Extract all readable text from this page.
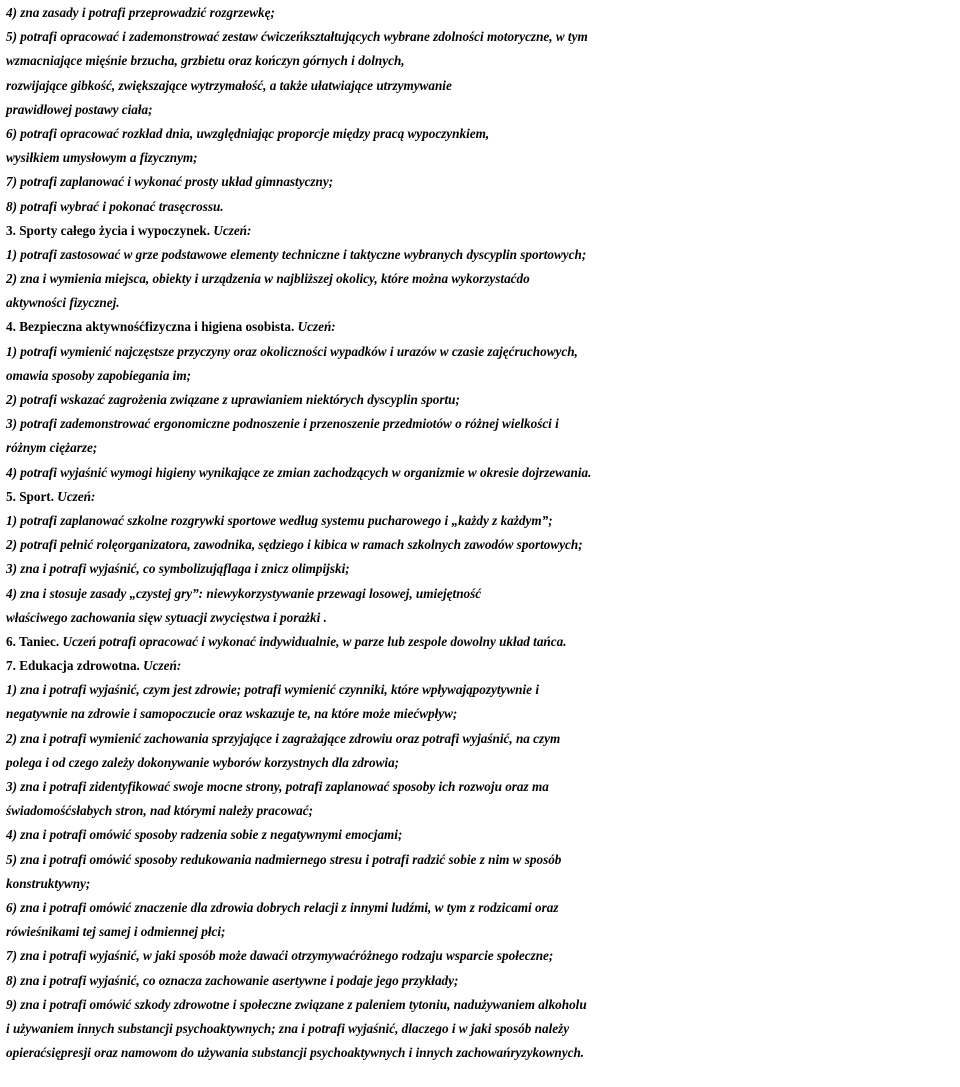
4) zna zasady i potrafi przeprowadzić rozgrzewkę;
5) potrafi opracować i zademonstrować zestaw ćwiczeńkształtujących wybrane zdolności motoryczne, w tym
wzmacniające mięśnie brzucha, grzbietu oraz kończyn górnych i dolnych,
rozwijające gibkość, zwiększające wytrzymałość, a także ułatwiające utrzymywanie
prawidłowej postawy ciała;
6) potrafi opracować rozkład dnia, uwzględniając proporcje między pracą wypoczynkiem,
wysiłkiem umysłowym a fizycznym;
7) potrafi zaplanować i wykonać prosty układ gimnastyczny;
8) potrafi wybrać i pokonać trasęcrossu.
3. Sporty całego życia i wypoczynek. Uczeń:
1) potrafi zastosować w grze podstawowe elementy techniczne i taktyczne wybranych dyscyplin sportowych;
2) zna i wymienia miejsca, obiekty i urządzenia w najbliższej okolicy, które można wykorzystaćdo
aktywności fizycznej.
4. Bezpieczna aktywnośćfizyczna i higiena osobista. Uczeń:
1) potrafi wymienić najczęstsze przyczyny oraz okoliczności wypadków i urazów w czasie zajęćruchowych,
omawia sposoby zapobiegania im;
2) potrafi wskazać zagrożenia związane z uprawianiem niektórych dyscyplin sportu;
3) potrafi zademonstrować ergonomiczne podnoszenie i przenoszenie przedmiotów o różnej wielkości i
różnym ciężarze;
4) potrafi wyjaśnić wymogi higieny wynikające ze zmian zachodzących w organizmie w okresie dojrzewania.
5. Sport. Uczeń:
1) potrafi zaplanować szkolne rozgrywki sportowe według systemu pucharowego i „każdy z każdym”;
2) potrafi pełnić rolęorganizatora, zawodnika, sędziego i kibica w ramach szkolnych zawodów sportowych;
3) zna i potrafi wyjaśnić, co symbolizująflaga i znicz olimpijski;
4) zna i stosuje zasady „czystej gry”: niewykorzystywanie przewagi losowej, umiejętność
właściwego zachowania sięw sytuacji zwycięstwa i porażki .
6. Taniec. Uczeń potrafi opracować i wykonać indywidualnie, w parze lub zespole dowolny układ tańca.
7. Edukacja zdrowotna. Uczeń:
1) zna i potrafi wyjaśnić, czym jest zdrowie; potrafi wymienić czynniki, które wpływająpozytywnie i
negatywnie na zdrowie i samopoczucie oraz wskazuje te, na które może miećwpływ;
2) zna i potrafi wymienić zachowania sprzyjające i zagrażające zdrowiu oraz potrafi wyjaśnić, na czym
polega i od czego zależy dokonywanie wyborów korzystnych dla zdrowia;
3) zna i potrafi zidentyfikować swoje mocne strony, potrafi zaplanować sposoby ich rozwoju oraz ma
świadomośćsłabych stron, nad którymi należy pracować;
4) zna i potrafi omówić sposoby radzenia sobie z negatywnymi emocjami;
5) zna i potrafi omówić sposoby redukowania nadmiernego stresu i potrafi radzić sobie z nim w sposób
konstruktywny;
6) zna i potrafi omówić znaczenie dla zdrowia dobrych relacji z innymi ludźmi, w tym z rodzicami oraz
rówieśnikami tej samej i odmiennej płci;
7) zna i potrafi wyjaśnić, w jaki sposób może dawaći otrzymywaćróżnego rodzaju wsparcie społeczne;
8) zna i potrafi wyjaśnić, co oznacza zachowanie asertywne i podaje jego przykłady;
9) zna i potrafi omówić szkody zdrowotne i społeczne związane z paleniem tytoniu, nadużywaniem alkoholu
i używaniem innych substancji psychoaktywnych; zna i potrafi wyjaśnić, dlaczego i w jaki sposób należy
opieraćsiępresji oraz namowom do używania substancji psychoaktywnych i innych zachowańryzykownych.
